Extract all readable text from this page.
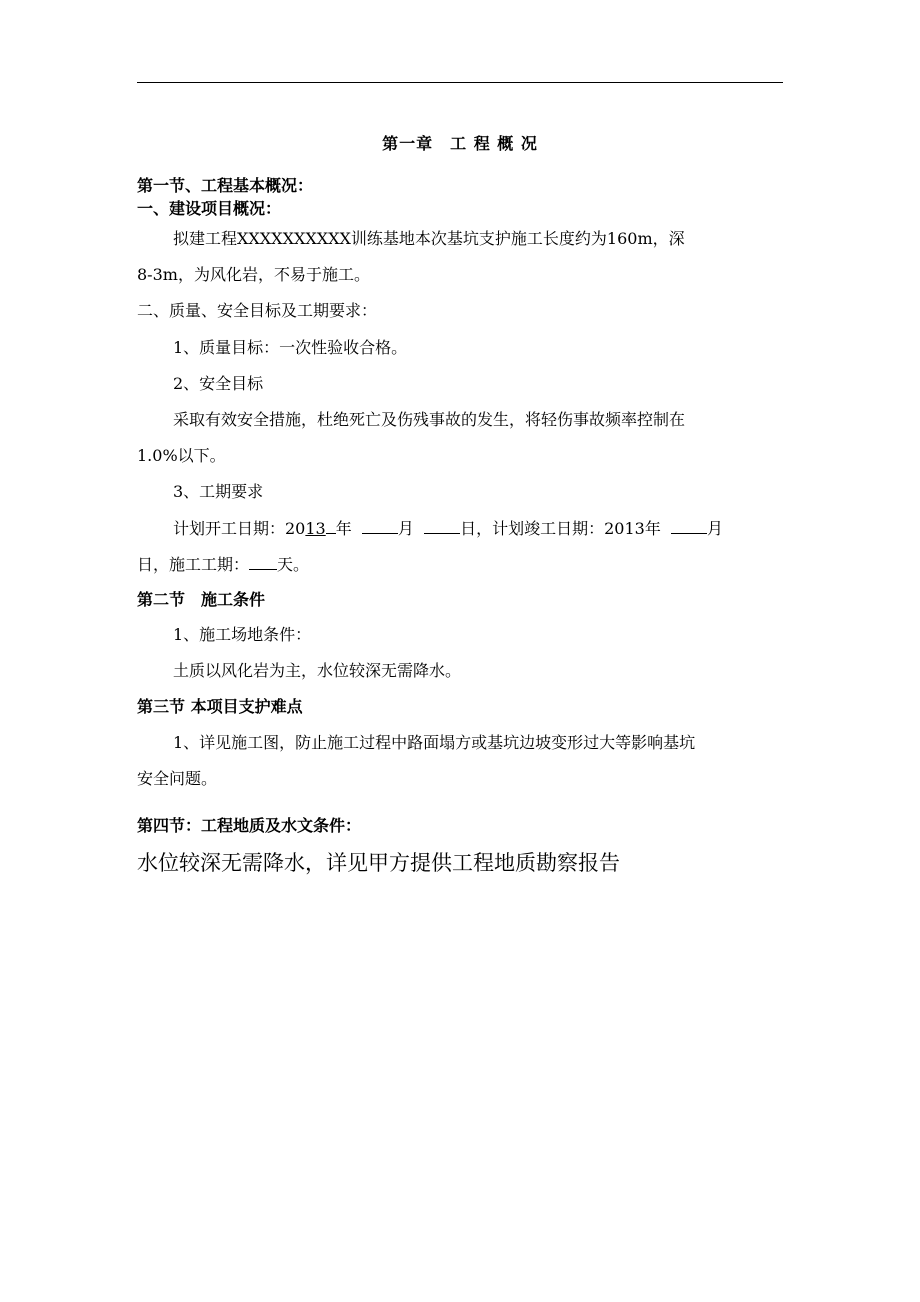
第一章　工 程 概 况
第一节、工程基本概况：
一、建设项目概况：
拟建工程XXXXXXXXXX训练基地本次基坑支护施工长度约为160m，深
8-3m，为风化岩，不易于施工。
二、质量、安全目标及工期要求：
1、质量目标：一次性验收合格。
2、安全目标
采取有效安全措施，杜绝死亡及伤残事故的发生，将轻伤事故频率控制在
1.0%以下。
3、工期要求
计划开工日期：2013 年	月	日，计划竣工日期：2013年	月
日，施工工期： 天。
第二节　施工条件
1、施工场地条件：
土质以风化岩为主，水位较深无需降水。
第三节 本项目支护难点
1、详见施工图，防止施工过程中路面塌方或基坑边坡变形过大等影响基坑
安全问题。
第四节：工程地质及水文条件：
水位较深无需降水，详见甲方提供工程地质勘察报告
